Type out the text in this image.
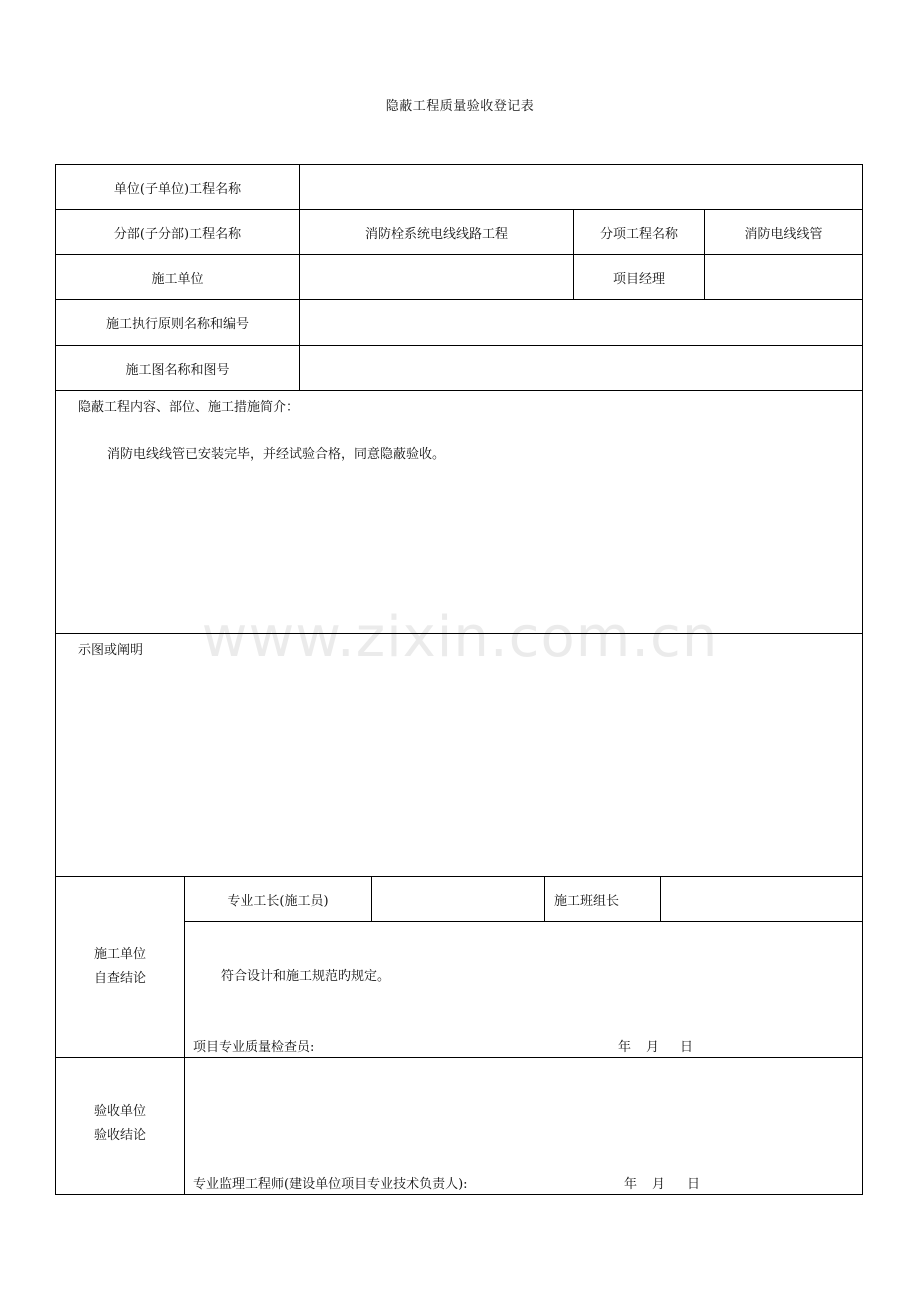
隐蔽工程质量验收登记表
单位(子单位)工程名称
分部(子分部)工程名称	消防栓系统电线线路工程	分项工程名称	消防电线线管
施工单位	项目经理
施工执行原则名称和编号
施工图名称和图号
隐蔽工程内容、部位、施工措施简介：
消防电线线管已安装完毕，并经试验合格，同意隐蔽验收。
示图或阐明
施工单位
自查结论
专业工长(施工员)	施工班组长
符合设计和施工规范旳规定。
项目专业质量检查员:	年 月 日
验收单位
验收结论
专业监理工程师(建设单位项目专业技术负责人):	年 月 日
www.zixin.com.cn
